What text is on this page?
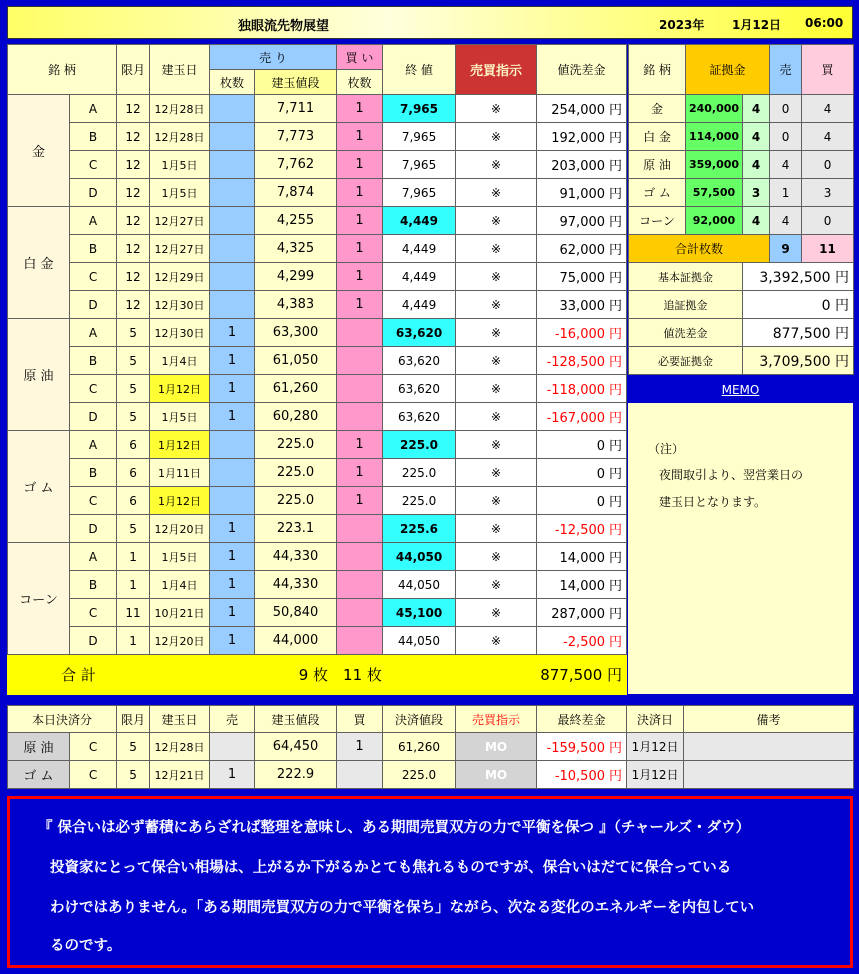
独眼流先物展望	2023年 1月12日 06:00
銘 柄		限月	建玉日	売 り		買 い	終 値	売買指示	値洗差金
				枚数	建玉値段	枚数			
金	A	12	12月28日		7,711	1	7,965	※	254,000 円
	B	12	12月28日		7,773	1	7,965	※	192,000 円
	C	12	1月5日		7,762	1	7,965	※	203,000 円
	D	12	1月5日		7,874	1	7,965	※	91,000 円
白 金	A	12	12月27日		4,255	1	4,449	※	97,000 円
	B	12	12月27日		4,325	1	4,449	※	62,000 円
	C	12	12月29日		4,299	1	4,449	※	75,000 円
	D	12	12月30日		4,383	1	4,449	※	33,000 円
原 油	A	5	12月30日	1	63,300		63,620	※	-16,000 円
	B	5	1月4日	1	61,050		63,620	※	-128,500 円
	C	5	1月12日	1	61,260		63,620	※	-118,000 円
	D	5	1月5日	1	60,280		63,620	※	-167,000 円
ゴ ム	A	6	1月12日		225.0	1	225.0	※	0 円
	B	6	1月11日		225.0	1	225.0	※	0 円
	C	6	1月12日		225.0	1	225.0	※	0 円
	D	5	12月20日	1	223.1		225.6	※	-12,500 円
コーン	A	1	1月5日	1	44,330		44,050	※	14,000 円
	B	1	1月4日	1	44,330		44,050	※	14,000 円
	C	11	10月21日	1	50,840		45,100	※	287,000 円
	D	1	12月20日	1	44,000		44,050	※	-2,500 円
合 計			9 枚			11 枚		877,500 円	
銘 柄	証拠金		売	買
金	240,000	4	0	4
白 金	114,000	4	0	4
原 油	359,000	4	4	0
ゴ ム	57,500	3	1	3
コーン	92,000	4	4	0
合計枚数			9	11
基本証拠金		3,392,500 円		
追証拠金		0 円		
値洗差金		877,500 円		
必要証拠金		3,709,500 円		
MEMO
（注）
夜間取引より、翌営業日の
建玉日となります。
本日決済分		限月	建玉日	売	建玉値段	買	決済値段	売買指示	最終差金	決済日	備考
原 油	C	5	12月28日		64,450	1	61,260	MO	-159,500 円	1月12日	
ゴ ム	C	5	12月21日	1	222.9		225.0	MO	-10,500 円	1月12日	
『 保合いは必ず蓄積にあらざれば整理を意味し、ある期間売買双方の力で平衡を保つ 』（チャールズ・ダウ）
投資家にとって保合い相場は、上がるか下がるかとても焦れるものですが、保合いはだてに保合っている
わけではありません。「ある期間売買双方の力で平衡を保ち」ながら、次なる変化のエネルギーを内包してい
るのです。
